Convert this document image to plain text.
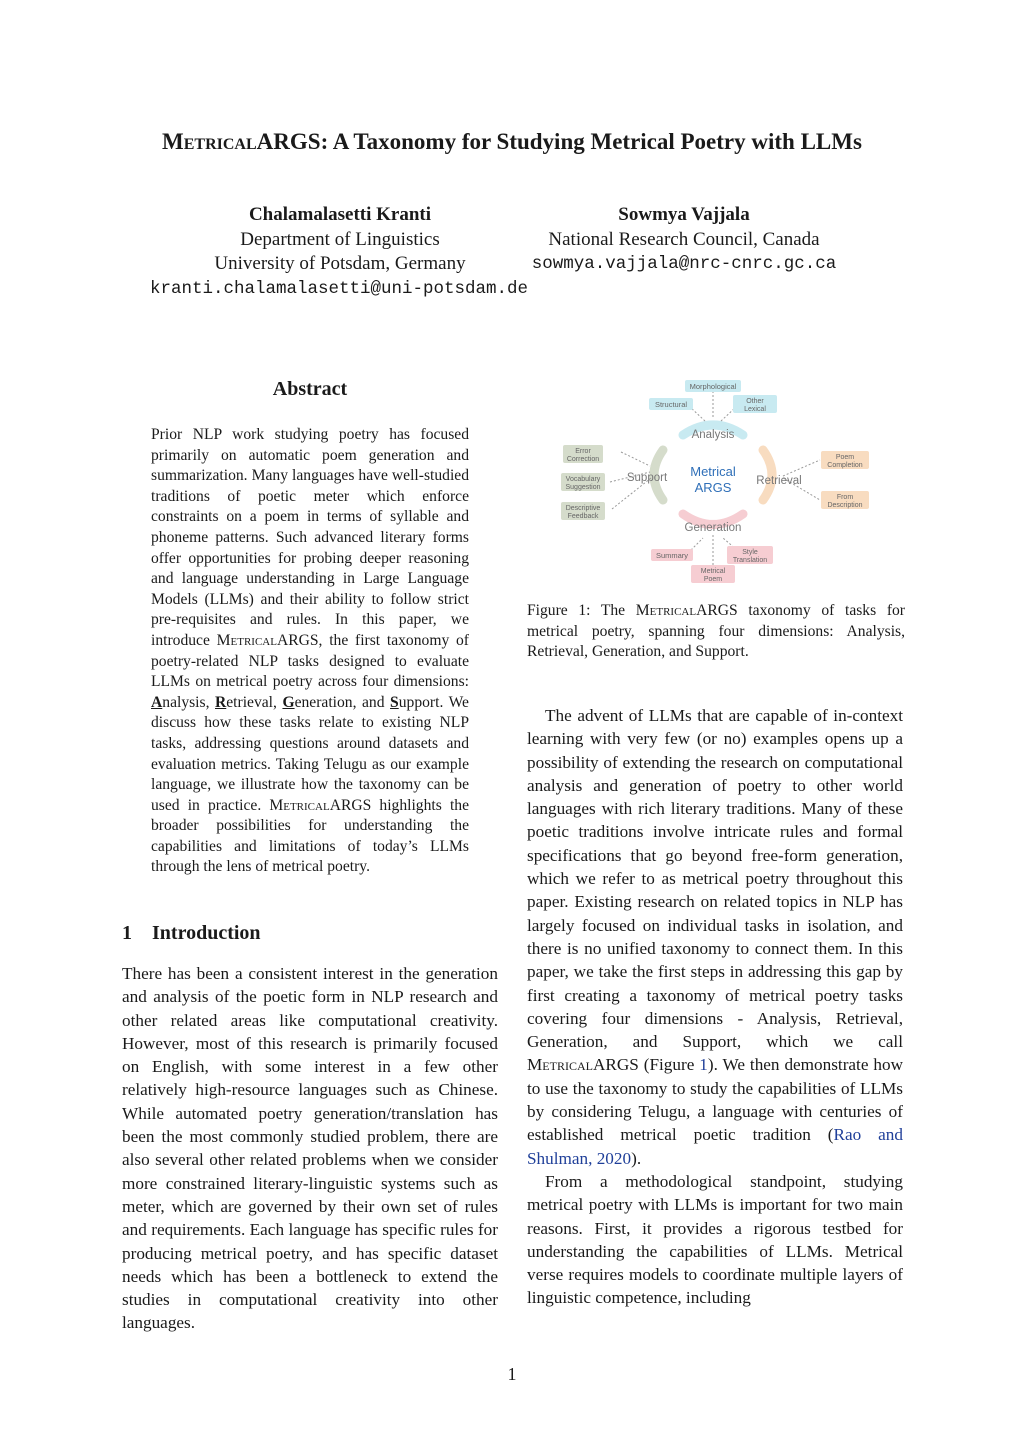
MetricalARGS: A Taxonomy for Studying Metrical Poetry with LLMs
Chalamalasetti Kranti
Department of Linguistics
University of Potsdam, Germany
kranti.chalamalasetti@uni-potsdam.de
Sowmya Vajjala
National Research Council, Canada
sowmya.vajjala@nrc-cnrc.gc.ca
Abstract
Prior NLP work studying poetry has focused primarily on automatic poem generation and summarization. Many languages have well-studied traditions of poetic meter which enforce constraints on a poem in terms of syllable and phoneme patterns. Such advanced literary forms offer opportunities for probing deeper reasoning and language understanding in Large Language Models (LLMs) and their ability to follow strict pre-requisites and rules. In this paper, we introduce MetricalARGS, the first taxonomy of poetry-related NLP tasks designed to evaluate LLMs on metrical poetry across four dimensions: Analysis, Retrieval, Generation, and Support. We discuss how these tasks relate to existing NLP tasks, addressing questions around datasets and evaluation metrics. Taking Telugu as our example language, we illustrate how the taxonomy can be used in practice. MetricalARGS highlights the broader possibilities for understanding the capabilities and limitations of today’s LLMs through the lens of metrical poetry.
1 Introduction

There has been a consistent interest in the generation and analysis of the poetic form in NLP research and other related areas like computational creativity. However, most of this research is primarily focused on English, with some interest in a few other relatively high-resource languages such as Chinese. While automated poetry generation/translation has been the most commonly studied problem, there are also several other related problems when we consider more constrained literary-linguistic systems such as meter, which are governed by their own set of rules and requirements. Each language has specific rules for producing metrical poetry, and has specific dataset needs which has been a bottleneck to extend the studies in computational creativity into other languages.

Morphological
Structural	Other
Lexical
Error
Correction
Vocabulary
Suggestion
Descriptive
Feedback
Poem
Completion
From
Description
Summary	Style
Translation
Metrical
Poem
Analysis
Generation
Support	Retrieval
Metrical
ARGS
Figure 1: The MetricalARGS taxonomy of tasks for metrical poetry, spanning four dimensions: Analysis, Retrieval, Generation, and Support.

The advent of LLMs that are capable of in-context learning with very few (or no) examples opens up a possibility of extending the research on computational analysis and generation of poetry to other world languages with rich literary traditions. Many of these poetic traditions involve intricate rules and formal specifications that go beyond free-form generation, which we refer to as metrical poetry throughout this paper. Existing research on related topics in NLP has largely focused on individual tasks in isolation, and there is no unified taxonomy to connect them. In this paper, we take the first steps in addressing this gap by first creating a taxonomy of metrical poetry tasks covering four dimensions - Analysis, Retrieval, Generation, and Support, which we call MetricalARGS (Figure 1). We then demonstrate how to use the taxonomy to study the capabilities of LLMs by considering Telugu, a language with centuries of established metrical poetic tradition (Rao and Shulman, 2020).

From a methodological standpoint, studying metrical poetry with LLMs is important for two main reasons. First, it provides a rigorous testbed for understanding the capabilities of LLMs. Metrical verse requires models to coordinate multiple layers of linguistic competence, including

1
